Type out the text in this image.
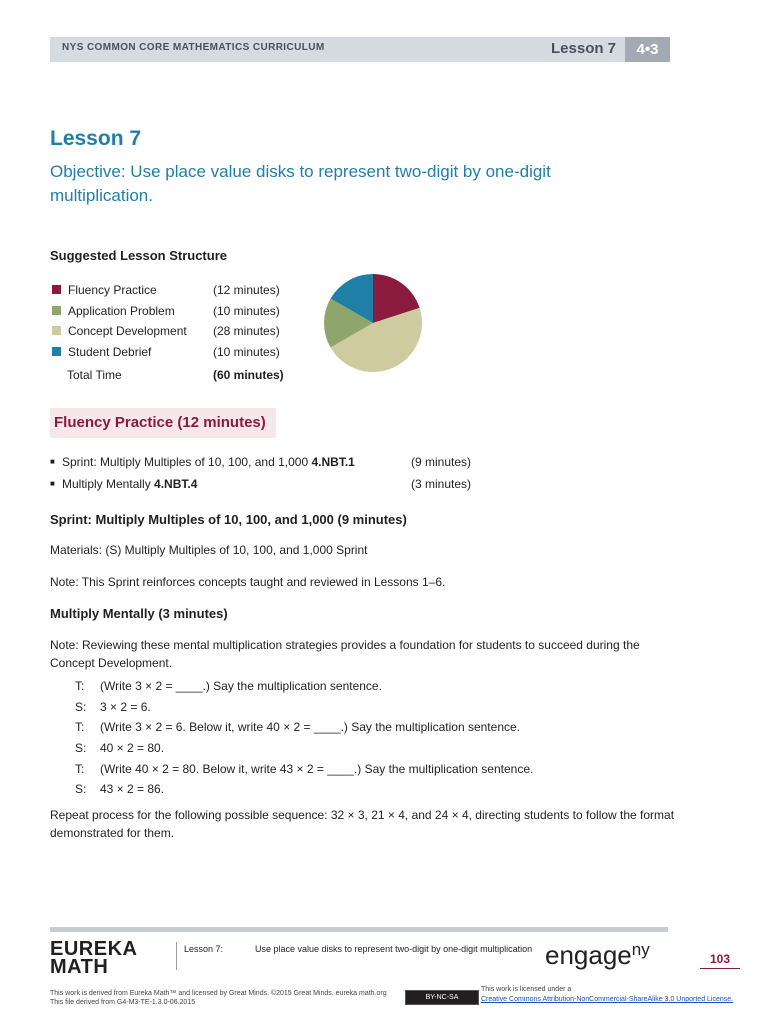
NYS COMMON CORE MATHEMATICS CURRICULUM	Lesson 7	4•3
Lesson 7
Objective: Use place value disks to represent two-digit by one-digit multiplication.
Suggested Lesson Structure
Fluency Practice	(12 minutes)
Application Problem	(10 minutes)
Concept Development (28 minutes)
Student Debrief	(10 minutes)
Total Time	(60 minutes)
Fluency Practice (12 minutes)
■ Sprint: Multiply Multiples of 10, 100, and 1,000 4.NBT.1	(9 minutes)
■ Multiply Mentally 4.NBT.4	(3 minutes)
Sprint: Multiply Multiples of 10, 100, and 1,000 (9 minutes)
Materials: (S) Multiply Multiples of 10, 100, and 1,000 Sprint
Note: This Sprint reinforces concepts taught and reviewed in Lessons 1–6.
Multiply Mentally (3 minutes)
Note: Reviewing these mental multiplication strategies provides a foundation for students to succeed during the Concept Development.
T: (Write 3 × 2 = ____.) Say the multiplication sentence.
S: 3 × 2 = 6.
T: (Write 3 × 2 = 6. Below it, write 40 × 2 = ____.) Say the multiplication sentence.
S: 40 × 2 = 80.
T: (Write 40 × 2 = 80. Below it, write 43 × 2 = ____.) Say the multiplication sentence.
S: 43 × 2 = 86.
Repeat process for the following possible sequence: 32 × 3, 21 × 4, and 24 × 4, directing students to follow the format demonstrated for them.
EUREKA
MATH
Lesson 7:	Use place value disks to represent two-digit by one-digit multiplication engage$^{ny}$	103
This work is derived from Eureka Math™ and licensed by Great Minds. ©2015 Great Minds. eureka math.org
This file derived from G4-M3-TE-1.3.0-06.2015
BY-NC-SA
This work is licensed under a
Creative Commons Attribution-NonCommercial-ShareAlike 3.0 Unported License.
